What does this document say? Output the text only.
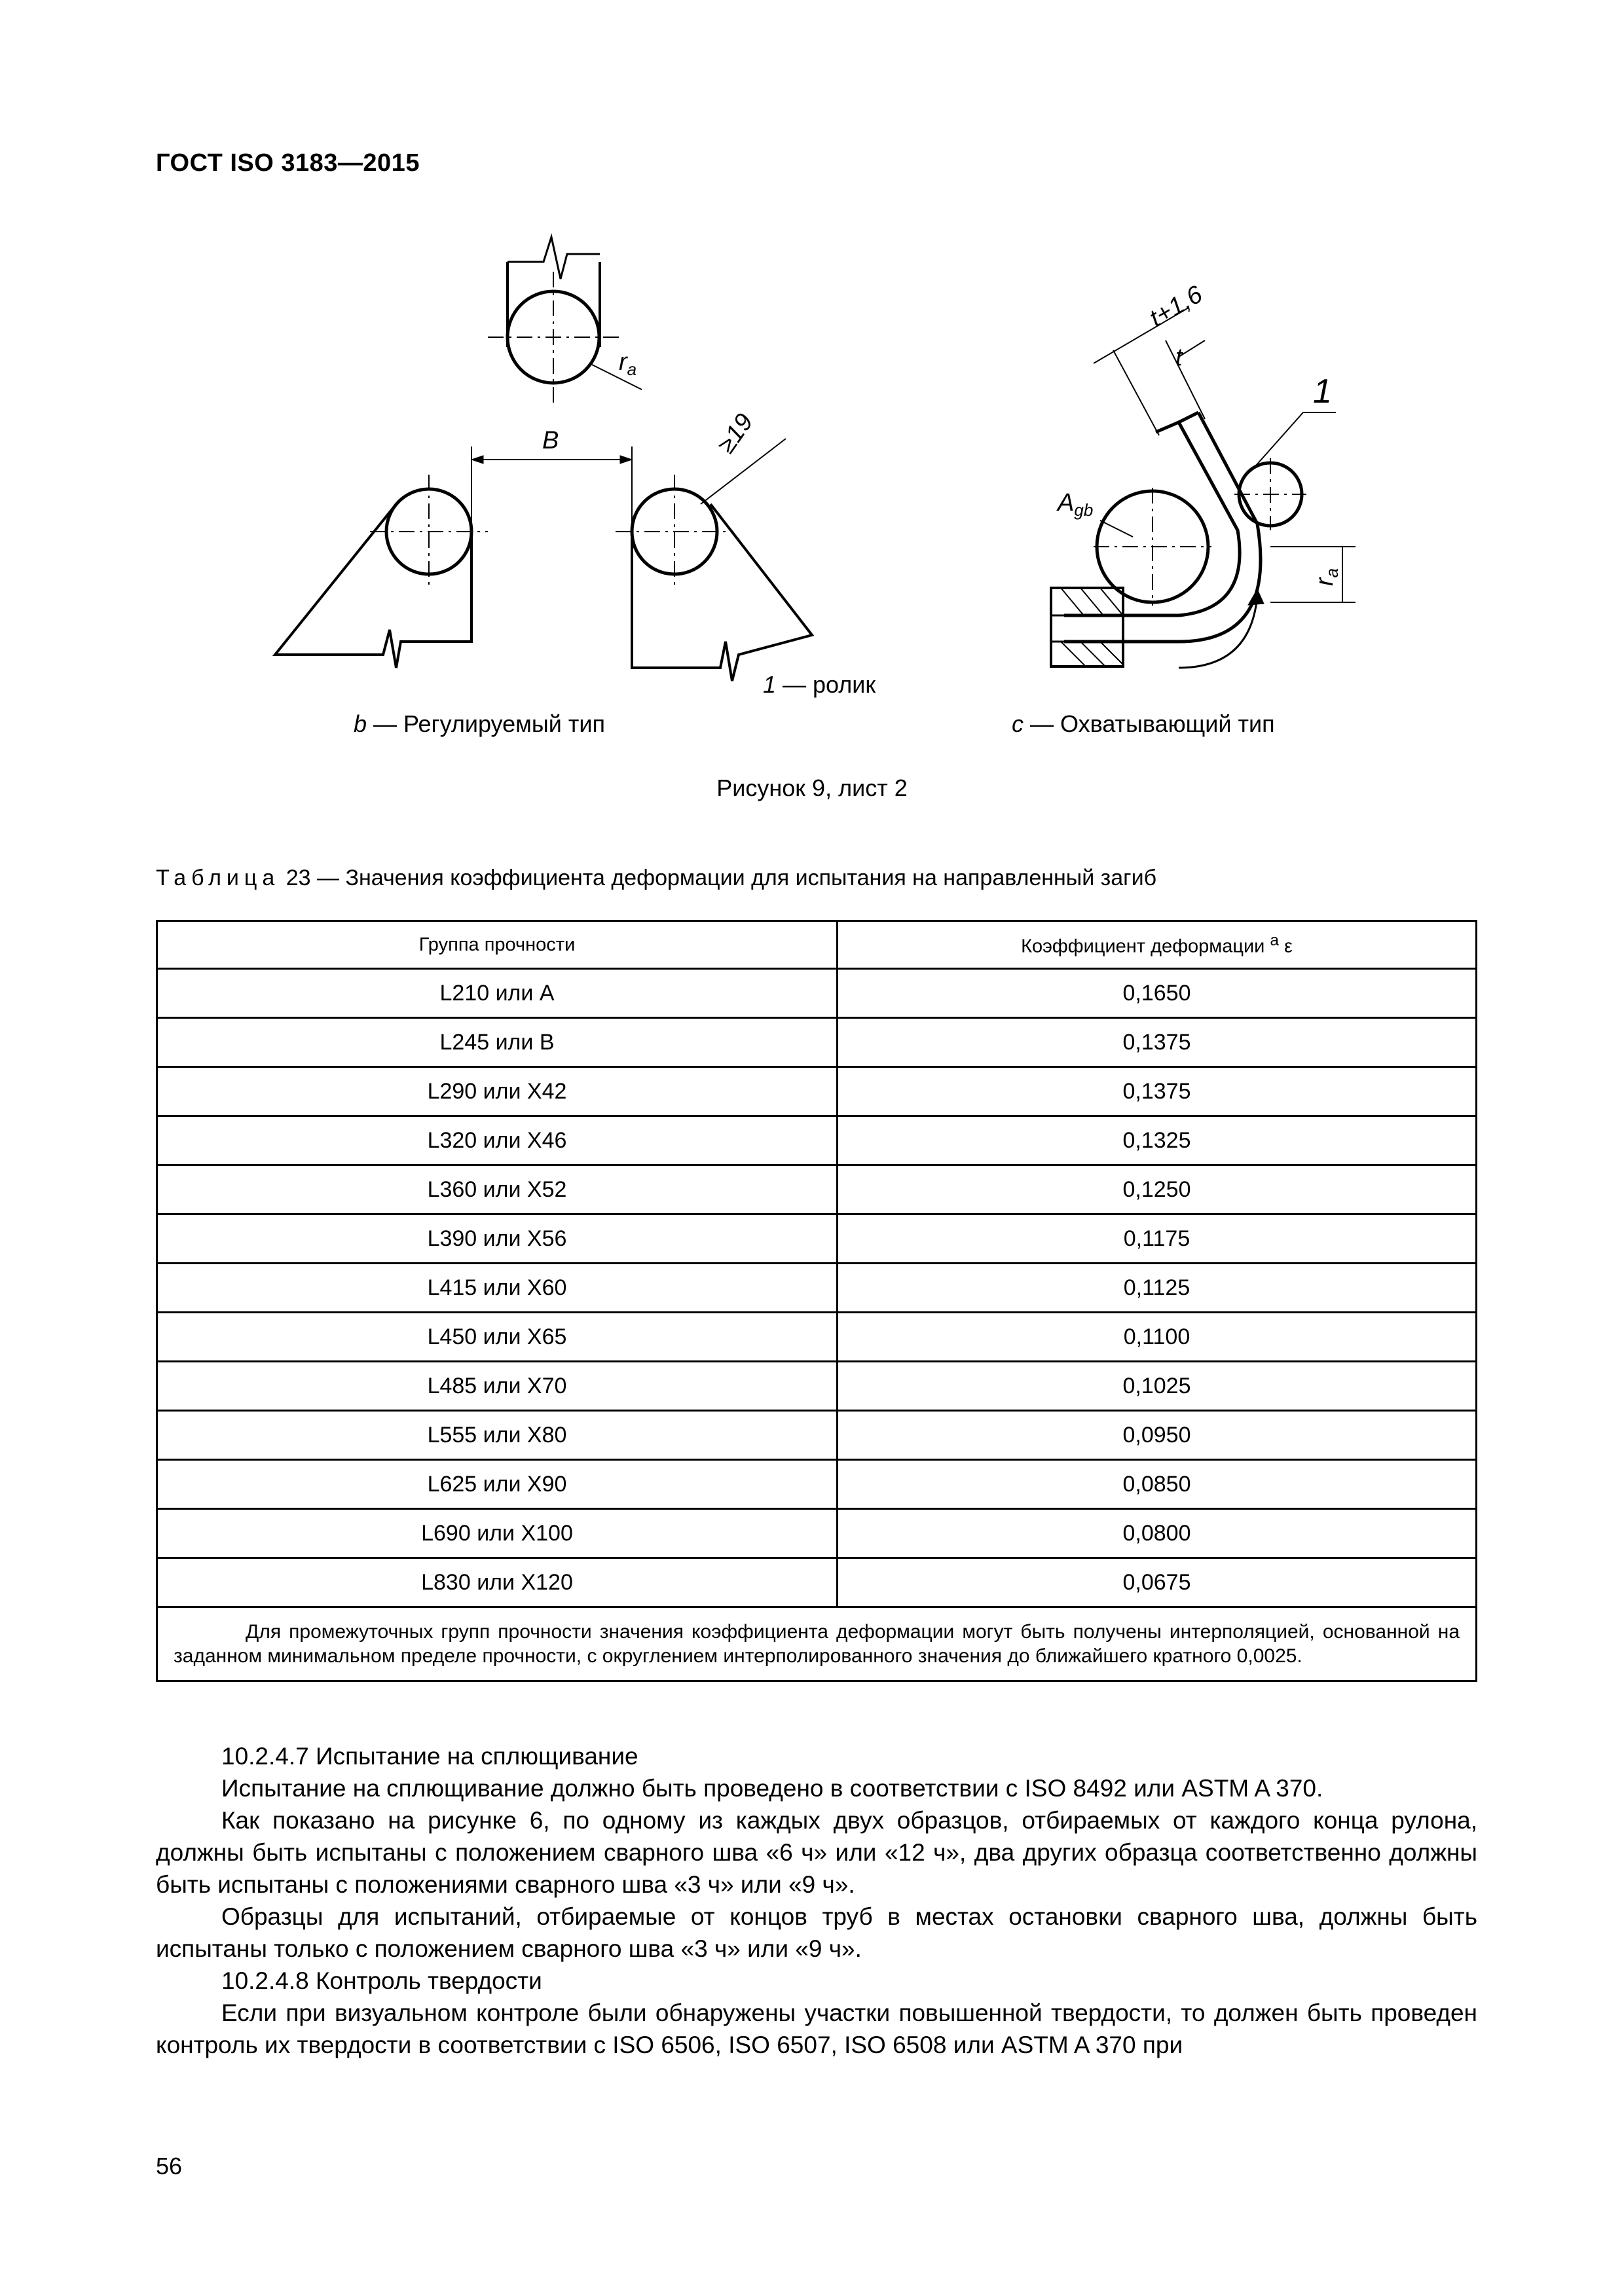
ГОСТ ISO 3183—2015
$r_a$
B	≥19
t+1,6
t
1
$A_{gb}$
$r_a$
1 — ролик
b — Регулируемый тип	c — Охватывающий тип
Рисунок 9, лист 2
Таблица 23 — Значения коэффициента деформации для испытания на направленный загиб
Группа прочности	Коэффициент деформации $^a$ ε
L210 или A	0,1650
L245 или B	0,1375
L290 или X42	0,1375
L320 или X46	0,1325
L360 или X52	0,1250
L390 или X56	0,1175
L415 или X60	0,1125
L450 или X65	0,1100
L485 или X70	0,1025
L555 или X80	0,0950
L625 или X90	0,0850
L690 или X100	0,0800
L830 или X120	0,0675

Для промежуточных групп прочности значения коэффициента деформации могут быть получены интерполяцией, основанной на заданном минимальном пределе прочности, с округлением интерполированного значения до ближайшего кратного 0,0025.	

10.2.4.7 Испытание на сплющивание

Испытание на сплющивание должно быть проведено в соответствии с ISO 8492 или ASTM A 370.

Как показано на рисунке 6, по одному из каждых двух образцов, отбираемых от каждого конца рулона, должны быть испытаны с положением сварного шва «6 ч» или «12 ч», два других образца соответственно должны быть испытаны с положениями сварного шва «3 ч» или «9 ч».

Образцы для испытаний, отбираемые от концов труб в местах остановки сварного шва, должны быть испытаны только с положением сварного шва «3 ч» или «9 ч».

10.2.4.8 Контроль твердости

Если при визуальном контроле были обнаружены участки повышенной твердости, то должен быть проведен контроль их твердости в соответствии с ISO 6506, ISO 6507, ISO 6508 или ASTM A 370 при

56
